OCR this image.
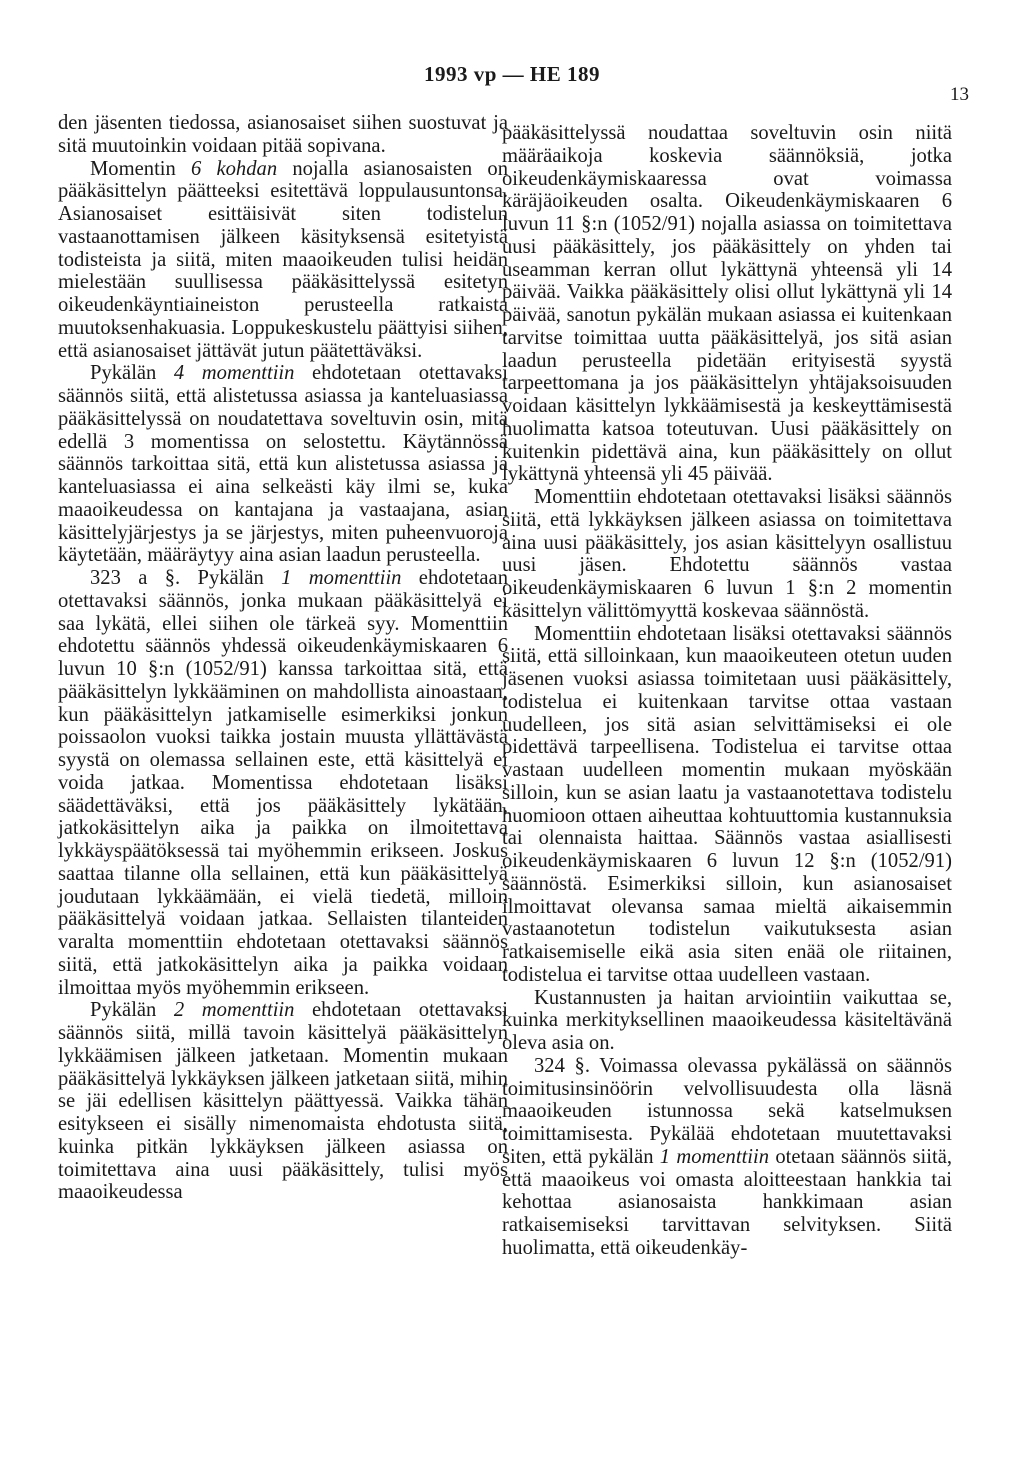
1993 vp — HE 189
13

den jäsenten tiedossa, asianosaiset siihen suostuvat ja sitä muutoinkin voidaan pitää sopivana.

Momentin 6 kohdan nojalla asianosaisten on pääkäsittelyn päätteeksi esitettävä loppulausuntonsa. Asianosaiset esittäisivät siten todistelun vastaanottamisen jälkeen käsityksensä esitetyistä todisteista ja siitä, miten maaoikeuden tulisi heidän mielestään suullisessa pääkäsittelyssä esitetyn oikeudenkäyntiaineiston perusteella ratkaista muutoksenhakuasia. Loppukeskustelu päättyisi siihen, että asianosaiset jättävät jutun päätettäväksi.

Pykälän 4 momenttiin ehdotetaan otettavaksi säännös siitä, että alistetussa asiassa ja kanteluasiassa pääkäsittelyssä on noudatettava soveltuvin osin, mitä edellä 3 momentissa on selostettu. Käytännössä säännös tarkoittaa sitä, että kun alistetussa asiassa ja kanteluasiassa ei aina selkeästi käy ilmi se, kuka maaoikeudessa on kantajana ja vastaajana, asian käsittelyjärjestys ja se järjestys, miten puheenvuoroja käytetään, määräytyy aina asian laadun perusteella.

323 a §. Pykälän 1 momenttiin ehdotetaan otettavaksi säännös, jonka mukaan pääkäsittelyä ei saa lykätä, ellei siihen ole tärkeä syy. Momenttiin ehdotettu säännös yhdessä oikeudenkäymiskaaren 6 luvun 10 §:n (1052/91) kanssa tarkoittaa sitä, että pääkäsittelyn lykkääminen on mahdollista ainoastaan, kun pääkäsittelyn jatkamiselle esimerkiksi jonkun poissaolon vuoksi taikka jostain muusta yllättävästä syystä on olemassa sellainen este, että käsittelyä ei voida jatkaa. Momentissa ehdotetaan lisäksi säädettäväksi, että jos pääkäsittely lykätään, jatkokäsittelyn aika ja paikka on ilmoitettava lykkäyspäätöksessä tai myöhemmin erikseen. Joskus saattaa tilanne olla sellainen, että kun pääkäsittelyä joudutaan lykkäämään, ei vielä tiedetä, milloin pääkäsittelyä voidaan jatkaa. Sellaisten tilanteiden varalta momenttiin ehdotetaan otettavaksi säännös siitä, että jatkokäsittelyn aika ja paikka voidaan ilmoittaa myös myöhemmin erikseen.

Pykälän 2 momenttiin ehdotetaan otettavaksi säännös siitä, millä tavoin käsittelyä pääkäsittelyn lykkäämisen jälkeen jatketaan. Momentin mukaan pääkäsittelyä lykkäyksen jälkeen jatketaan siitä, mihin se jäi edellisen käsittelyn päättyessä. Vaikka tähän esitykseen ei sisälly nimenomaista ehdotusta siitä, kuinka pitkän lykkäyksen jälkeen asiassa on toimitettava aina uusi pääkäsittely, tulisi myös maaoikeudessa

pääkäsittelyssä noudattaa soveltuvin osin niitä määräaikoja koskevia säännöksiä, jotka oikeudenkäymiskaaressa ovat voimassa käräjäoikeuden osalta. Oikeudenkäymiskaaren 6 luvun 11 §:n (1052/91) nojalla asiassa on toimitettava uusi pääkäsittely, jos pääkäsittely on yhden tai useamman kerran ollut lykättynä yhteensä yli 14 päivää. Vaikka pääkäsittely olisi ollut lykättynä yli 14 päivää, sanotun pykälän mukaan asiassa ei kuitenkaan tarvitse toimittaa uutta pääkäsittelyä, jos sitä asian laadun perusteella pidetään erityisestä syystä tarpeettomana ja jos pääkäsittelyn yhtäjaksoisuuden voidaan käsittelyn lykkäämisestä ja keskeyttämisestä huolimatta katsoa toteutuvan. Uusi pääkäsittely on kuitenkin pidettävä aina, kun pääkäsittely on ollut lykättynä yhteensä yli 45 päivää.

Momenttiin ehdotetaan otettavaksi lisäksi säännös siitä, että lykkäyksen jälkeen asiassa on toimitettava aina uusi pääkäsittely, jos asian käsittelyyn osallistuu uusi jäsen. Ehdotettu säännös vastaa oikeudenkäymiskaaren 6 luvun 1 §:n 2 momentin käsittelyn välittömyyttä koskevaa säännöstä.

Momenttiin ehdotetaan lisäksi otettavaksi säännös siitä, että silloinkaan, kun maaoikeuteen otetun uuden jäsenen vuoksi asiassa toimitetaan uusi pääkäsittely, todistelua ei kuitenkaan tarvitse ottaa vastaan uudelleen, jos sitä asian selvittämiseksi ei ole pidettävä tarpeellisena. Todistelua ei tarvitse ottaa vastaan uudelleen momentin mukaan myöskään silloin, kun se asian laatu ja vastaanotettava todistelu huomioon ottaen aiheuttaa kohtuuttomia kustannuksia tai olennaista haittaa. Säännös vastaa asiallisesti oikeudenkäymiskaaren 6 luvun 12 §:n (1052/91) säännöstä. Esimerkiksi silloin, kun asianosaiset ilmoittavat olevansa samaa mieltä aikaisemmin vastaanotetun todistelun vaikutuksesta asian ratkaisemiselle eikä asia siten enää ole riitainen, todistelua ei tarvitse ottaa uudelleen vastaan.

Kustannusten ja haitan arviointiin vaikuttaa se, kuinka merkityksellinen maaoikeudessa käsiteltävänä oleva asia on.

324 §. Voimassa olevassa pykälässä on säännös toimitusinsinöörin velvollisuudesta olla läsnä maaoikeuden istunnossa sekä katselmuksen toimittamisesta. Pykälää ehdotetaan muutettavaksi siten, että pykälän 1 momenttiin otetaan säännös siitä, että maaoikeus voi omasta aloitteestaan hankkia tai kehottaa asianosaista hankkimaan asian ratkaisemiseksi tarvittavan selvityksen. Siitä huolimatta, että oikeudenkäy-
